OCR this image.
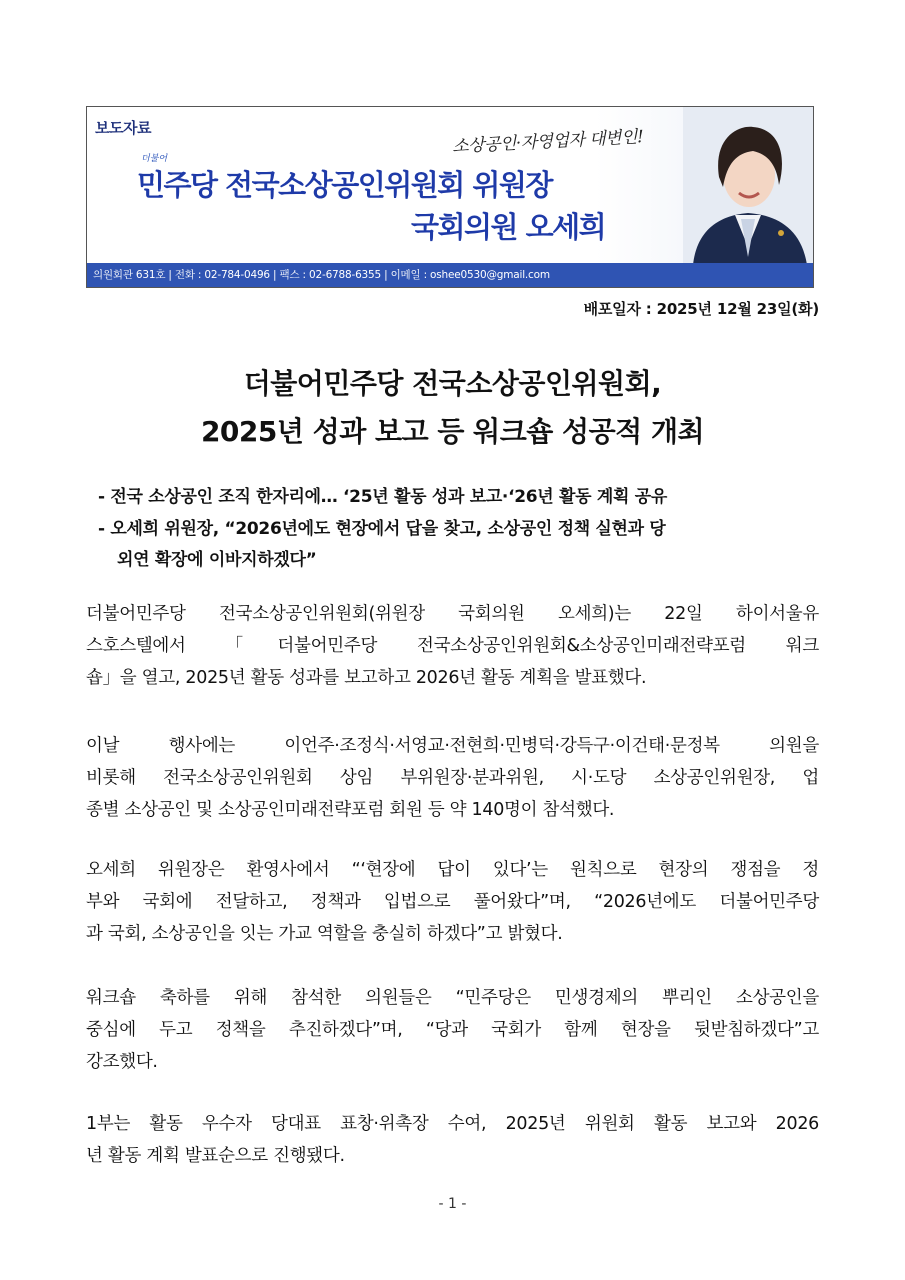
보도자료	소상공인·자영업자 대변인!
더불어
민주당 전국소상공인위원회 위원장
국회의원 오세희
의원회관 631호 | 전화 : 02-784-0496 | 팩스 : 02-6788-6355 | 이메일 : oshee0530@gmail.com
배포일자 : 2025년 12월 23일(화)
더불어민주당 전국소상공인위원회,
2025년 성과 보고 등 워크숍 성공적 개최
- 전국 소상공인 조직 한자리에… ‘25년 활동 성과 보고·‘26년 활동 계획 공유
- 오세희 위원장, “2026년에도 현장에서 답을 찾고, 소상공인 정책 실현과 당
외연 확장에 이바지하겠다”
더불어민주당 전국소상공인위원회(위원장 국회의원 오세희)는 22일 하이서울유
스호스텔에서 「더불어민주당 전국소상공인위원회&소상공인미래전략포럼 워크
숍」을 열고, 2025년 활동 성과를 보고하고 2026년 활동 계획을 발표했다.
이날 행사에는 이언주·조정식·서영교·전현희·민병덕·강득구·이건태·문정복 의원을
비롯해 전국소상공인위원회 상임 부위원장·분과위원, 시·도당 소상공인위원장, 업
종별 소상공인 및 소상공인미래전략포럼 회원 등 약 140명이 참석했다.
오세희 위원장은 환영사에서 “‘현장에 답이 있다’는 원칙으로 현장의 쟁점을 정
부와 국회에 전달하고, 정책과 입법으로 풀어왔다”며, “2026년에도 더불어민주당
과 국회, 소상공인을 잇는 가교 역할을 충실히 하겠다”고 밝혔다.
워크숍 축하를 위해 참석한 의원들은 “민주당은 민생경제의 뿌리인 소상공인을
중심에 두고 정책을 추진하겠다”며, “당과 국회가 함께 현장을 뒷받침하겠다”고
강조했다.
1부는 활동 우수자 당대표 표창·위촉장 수여, 2025년 위원회 활동 보고와 2026
년 활동 계획 발표순으로 진행됐다.
- 1 -
